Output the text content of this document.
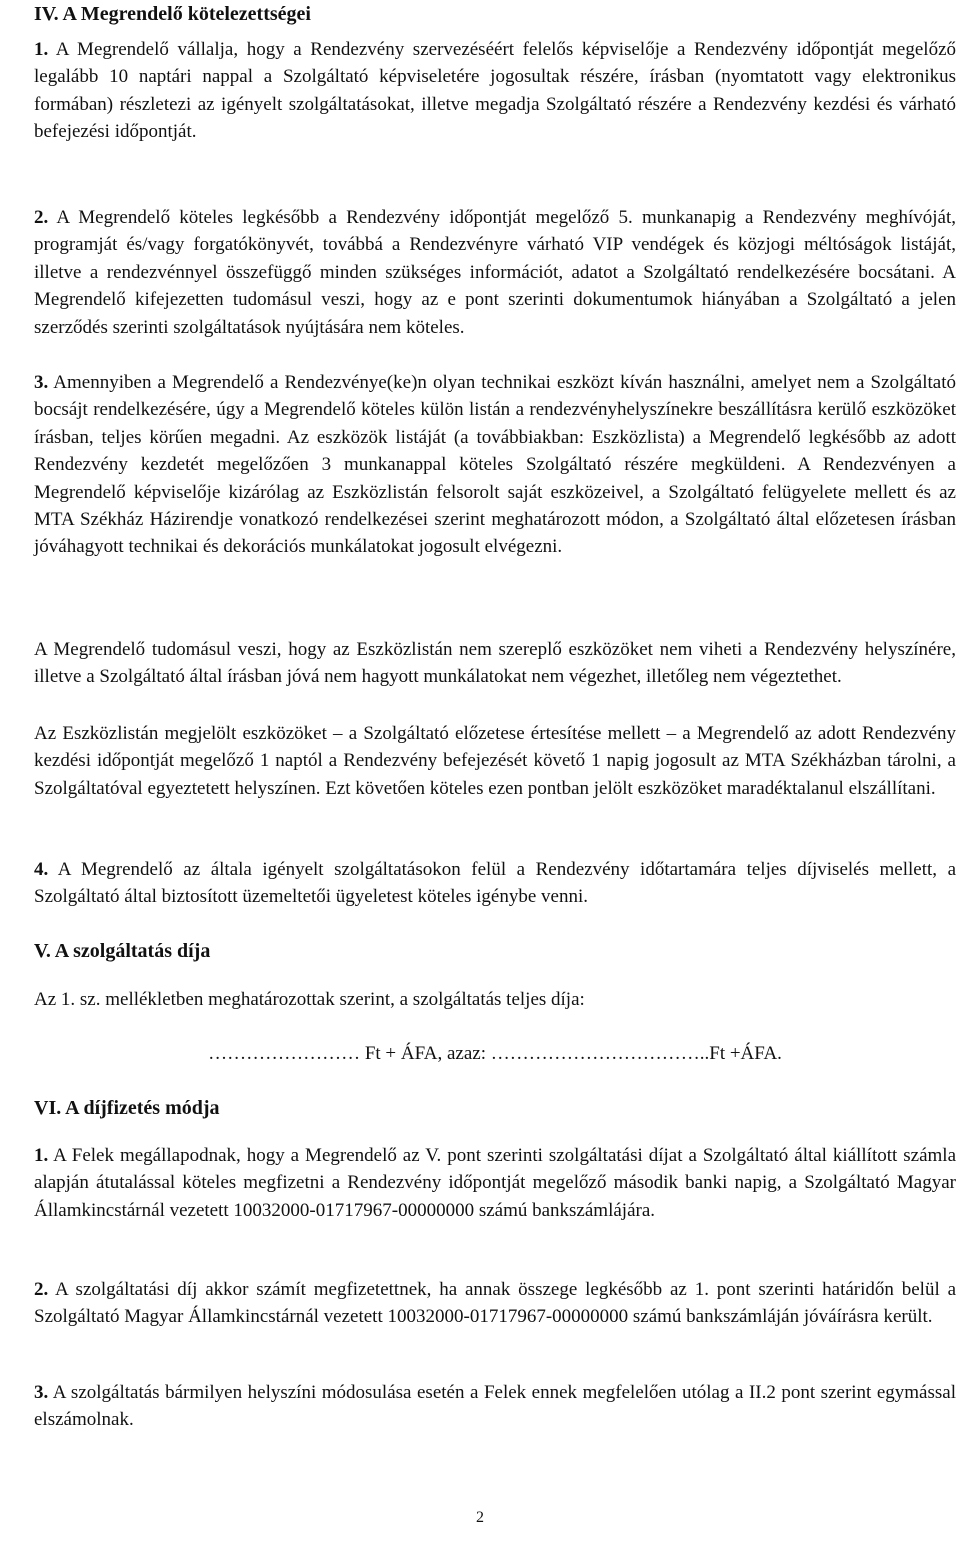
IV. A Megrendelő kötelezettségei

1. A Megrendelő vállalja, hogy a Rendezvény szervezéséért felelős képviselője a Rendezvény időpontját megelőző legalább 10 naptári nappal a Szolgáltató képviseletére jogosultak részére, írásban (nyomtatott vagy elektronikus formában) részletezi az igényelt szolgáltatásokat, illetve megadja Szolgáltató részére a Rendezvény kezdési és várható befejezési időpontját.

2. A Megrendelő köteles legkésőbb a Rendezvény időpontját megelőző 5. munkanapig a Rendezvény meghívóját, programját és/vagy forgatókönyvét, továbbá a Rendezvényre várható VIP vendégek és közjogi méltóságok listáját, illetve a rendezvénnyel összefüggő minden szükséges információt, adatot a Szolgáltató rendelkezésére bocsátani. A Megrendelő kifejezetten tudomásul veszi, hogy az e pont szerinti dokumentumok hiányában a Szolgáltató a jelen szerződés szerinti szolgáltatások nyújtására nem köteles.

3. Amennyiben a Megrendelő a Rendezvénye(ke)n olyan technikai eszközt kíván használni, amelyet nem a Szolgáltató bocsájt rendelkezésére, úgy a Megrendelő köteles külön listán a rendezvényhelyszínekre beszállításra kerülő eszközöket írásban, teljes körűen megadni. Az eszközök listáját (a továbbiakban: Eszközlista) a Megrendelő legkésőbb az adott Rendezvény kezdetét megelőzően 3 munkanappal köteles Szolgáltató részére megküldeni. A Rendezvényen a Megrendelő képviselője kizárólag az Eszközlistán felsorolt saját eszközeivel, a Szolgáltató felügyelete mellett és az MTA Székház Házirendje vonatkozó rendelkezései szerint meghatározott módon, a Szolgáltató által előzetesen írásban jóváhagyott technikai és dekorációs munkálatokat jogosult elvégezni.

A Megrendelő tudomásul veszi, hogy az Eszközlistán nem szereplő eszközöket nem viheti a Rendezvény helyszínére, illetve a Szolgáltató által írásban jóvá nem hagyott munkálatokat nem végezhet, illetőleg nem végeztethet.

Az Eszközlistán megjelölt eszközöket – a Szolgáltató előzetese értesítése mellett – a Megrendelő az adott Rendezvény kezdési időpontját megelőző 1 naptól a Rendezvény befejezését követő 1 napig jogosult az MTA Székházban tárolni, a Szolgáltatóval egyeztetett helyszínen. Ezt követően köteles ezen pontban jelölt eszközöket maradéktalanul elszállítani.

4. A Megrendelő az általa igényelt szolgáltatásokon felül a Rendezvény időtartamára teljes díjviselés mellett, a Szolgáltató által biztosított üzemeltetői ügyeletest köteles igénybe venni.

V. A szolgáltatás díja

Az 1. sz. mellékletben meghatározottak szerint, a szolgáltatás teljes díja:

…………………… Ft + ÁFA, azaz: ……………………………..Ft +ÁFA.

VI. A díjfizetés módja

1. A Felek megállapodnak, hogy a Megrendelő az V. pont szerinti szolgáltatási díjat a Szolgáltató által kiállított számla alapján átutalással köteles megfizetni a Rendezvény időpontját megelőző második banki napig, a Szolgáltató Magyar Államkincstárnál vezetett 10032000-01717967-00000000 számú bankszámlájára.

2. A szolgáltatási díj akkor számít megfizetettnek, ha annak összege legkésőbb az 1. pont szerinti határidőn belül a Szolgáltató Magyar Államkincstárnál vezetett 10032000-01717967-00000000 számú bankszámláján jóváírásra került.

3. A szolgáltatás bármilyen helyszíni módosulása esetén a Felek ennek megfelelően utólag a II.2 pont szerint egymással elszámolnak.

2
